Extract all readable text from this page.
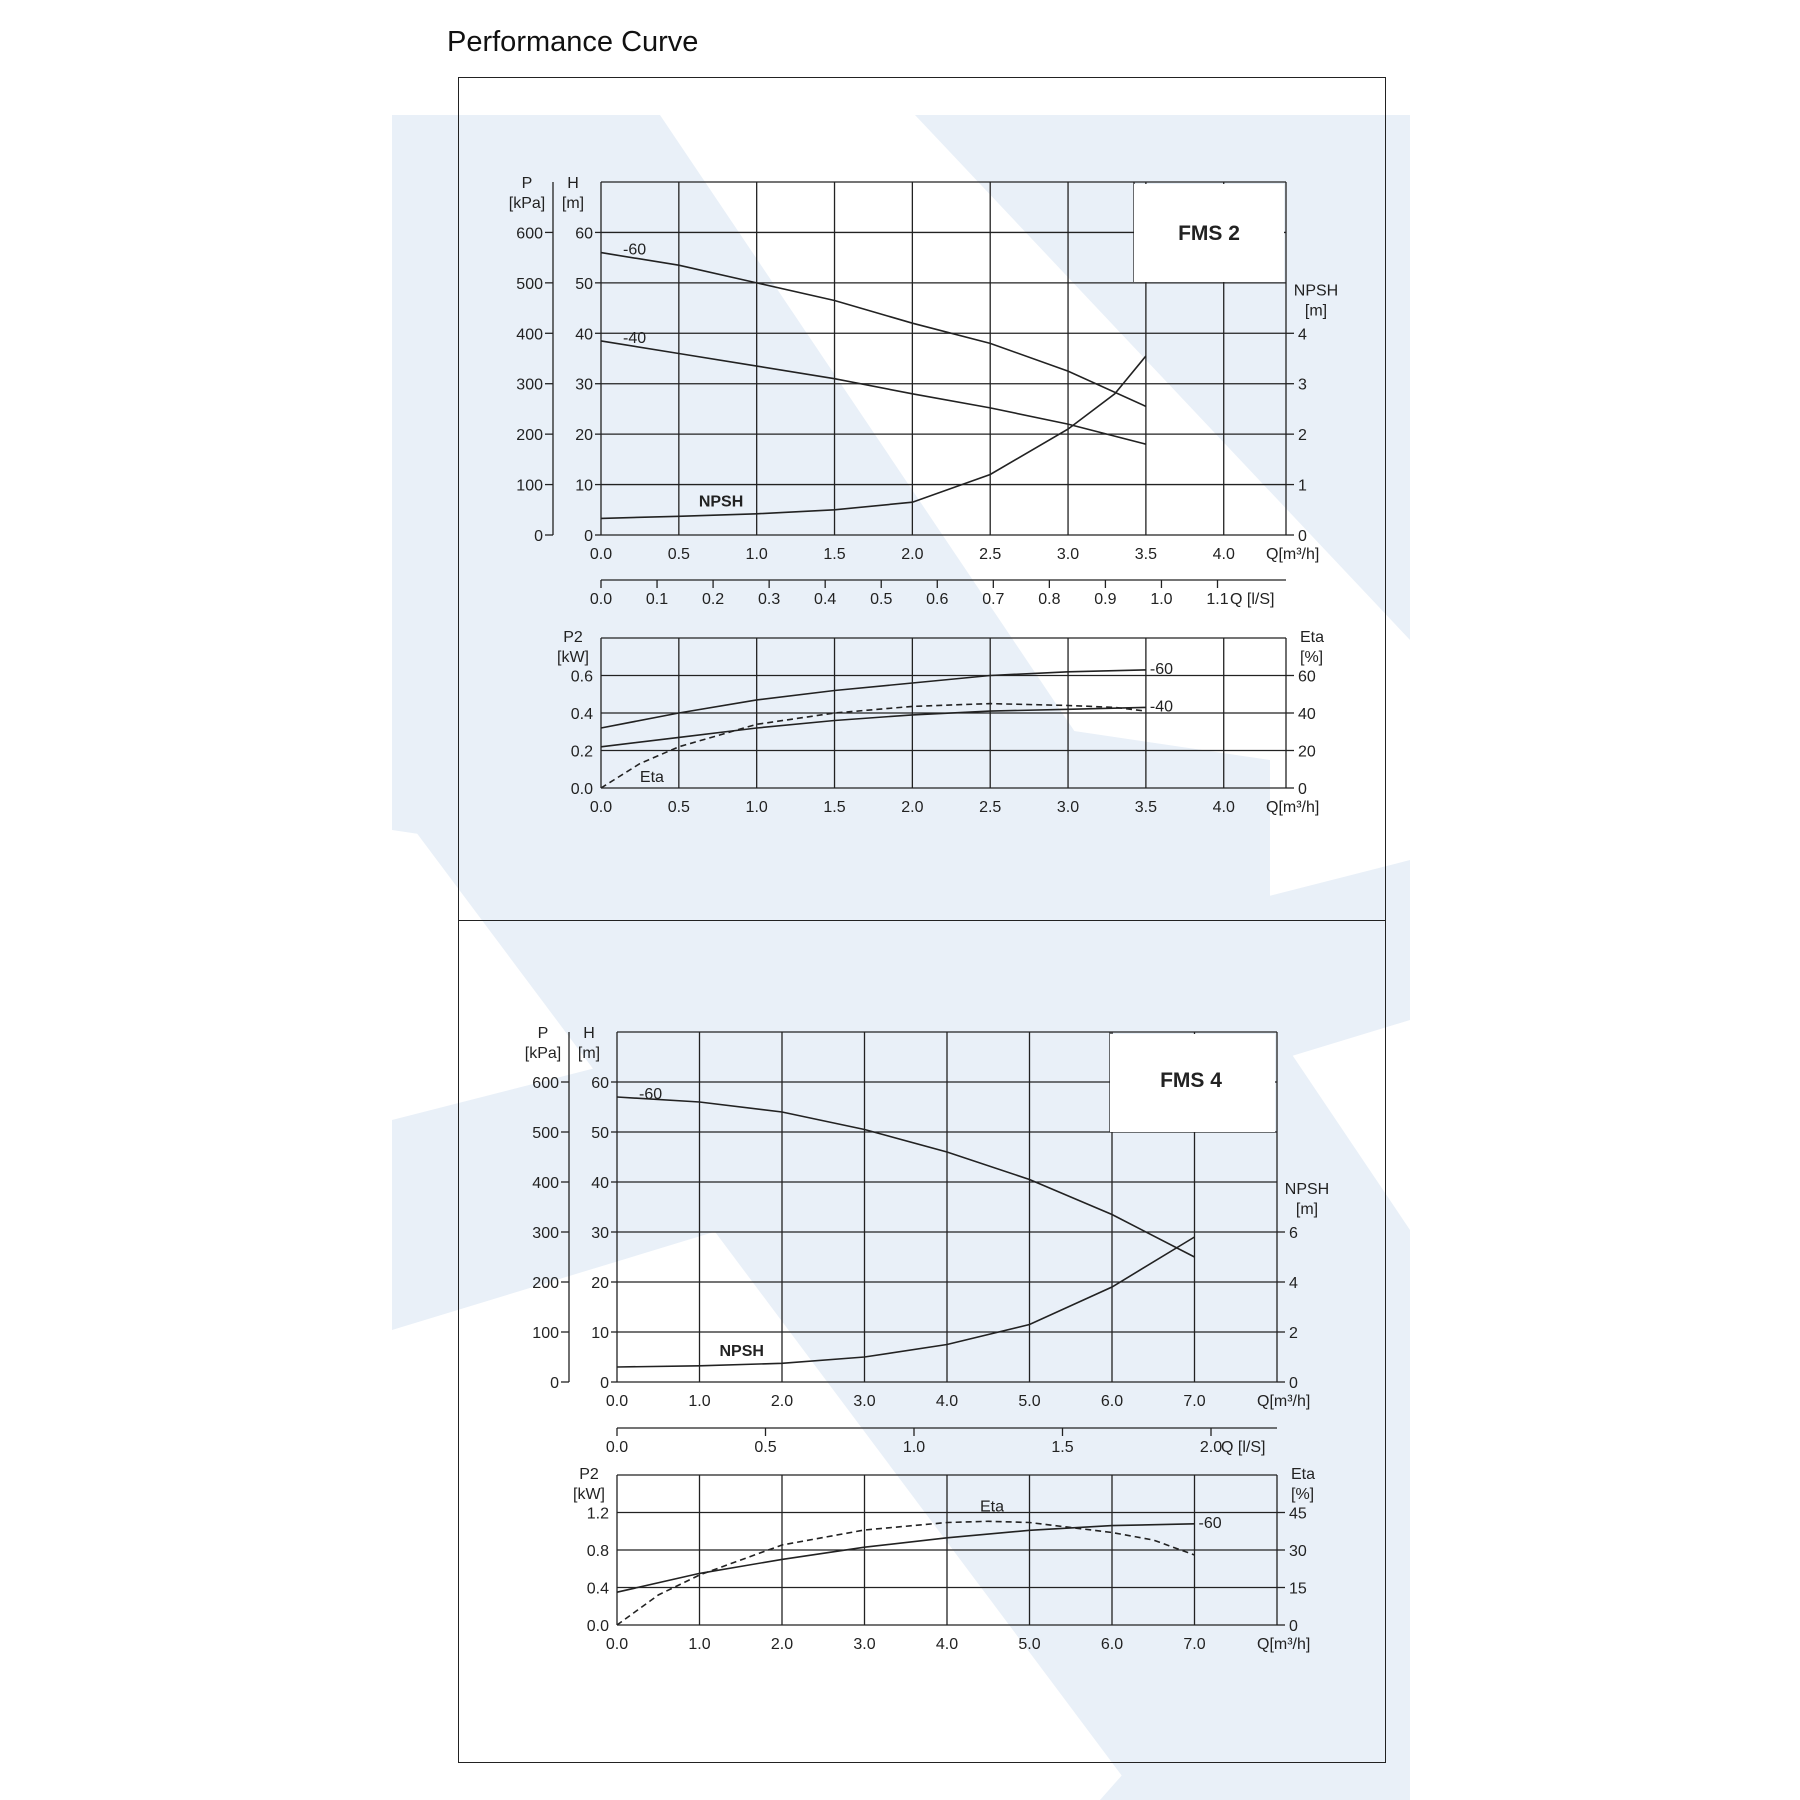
Performance Curve
FMS 2
0
10
20
30
40
50
60
H
[m]
0
100
200
300
400
500
600
P
[kPa]
0
1
2
3
4
NPSH
[m]
0.0	0.5	1.0	1.5	2.0	2.5	3.0	3.5	4.0 Q[m³/h]
-60
-40
NPSH
0.0 0.1 0.2 0.3 0.4 0.5 0.6 0.7 0.8 0.9 1.0 1.1 Q [l/S]
0.0
0.2
0.4
0.6
P2
[kW]
0
20
40
60
Eta
[%]
0.0	0.5	1.0	1.5	2.0	2.5	3.0	3.5	4.0 Q[m³/h]
-60
-40
Eta
FMS 4
0
10
20
30
40
50
60
H
[m]
0
100
200
300
400
500
600
P
[kPa]
0
2
4
6
NPSH
[m]
0.0	1.0	2.0	3.0	4.0	5.0	6.0	7.0	Q[m³/h]
-60
NPSH
0.0	0.5	1.0	1.5	2.0
Q [l/S]
0.0
0.4
0.8
1.2
P2
[kW]
0
15
30
45
Eta
[%]
0.0	1.0	2.0	3.0	4.0	5.0	6.0	7.0	Q[m³/h]
-60
Eta
